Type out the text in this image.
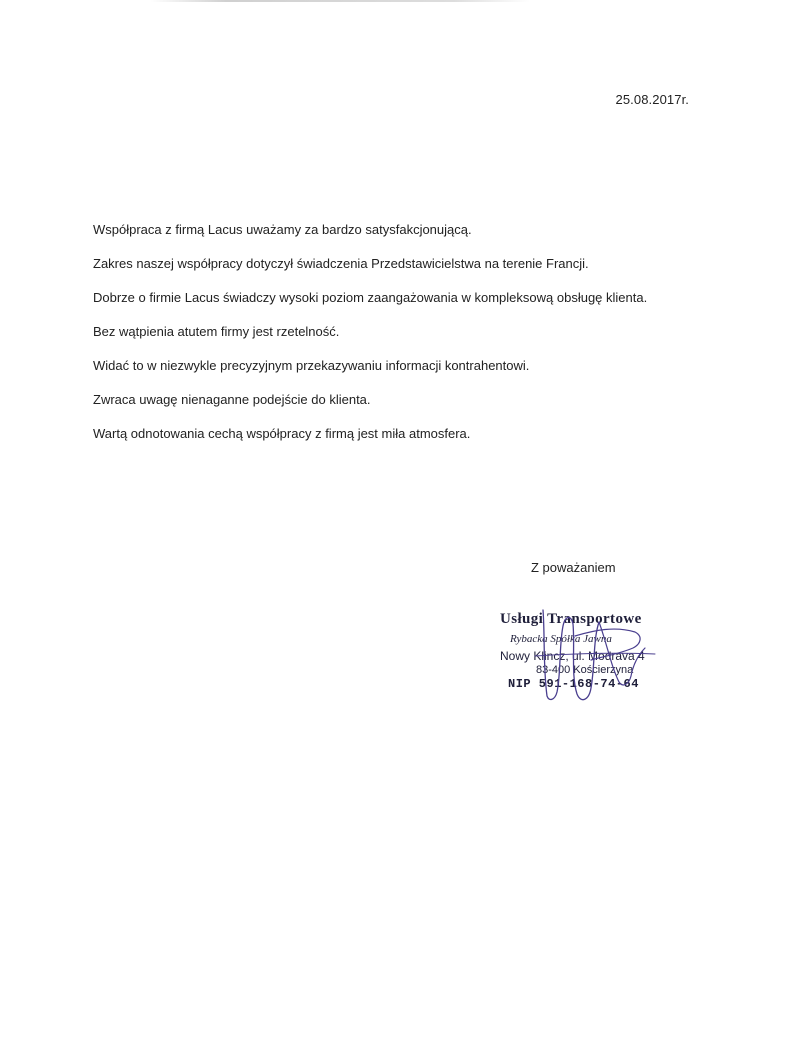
25.08.2017r.

Współpraca z firmą Lacus uważamy za bardzo satysfakcjonującą.

Zakres naszej współpracy dotyczył świadczenia Przedstawicielstwa na terenie Francji.

Dobrze o firmie Lacus świadczy wysoki poziom zaangażowania w kompleksową obsługę klienta.

Bez wątpienia atutem firmy jest rzetelność.

Widać to w niezwykle precyzyjnym przekazywaniu informacji kontrahentowi.

Zwraca uwagę nienaganne podejście do klienta.

Wartą odnotowania cechą współpracy z firmą jest miła atmosfera.

Z poważaniem
Usługi Transportowe
Rybacka Spółka Jawna
Nowy Klincz, ul. Modrava 4
83-400 Kościerzyna
NIP 591-168-74-64
